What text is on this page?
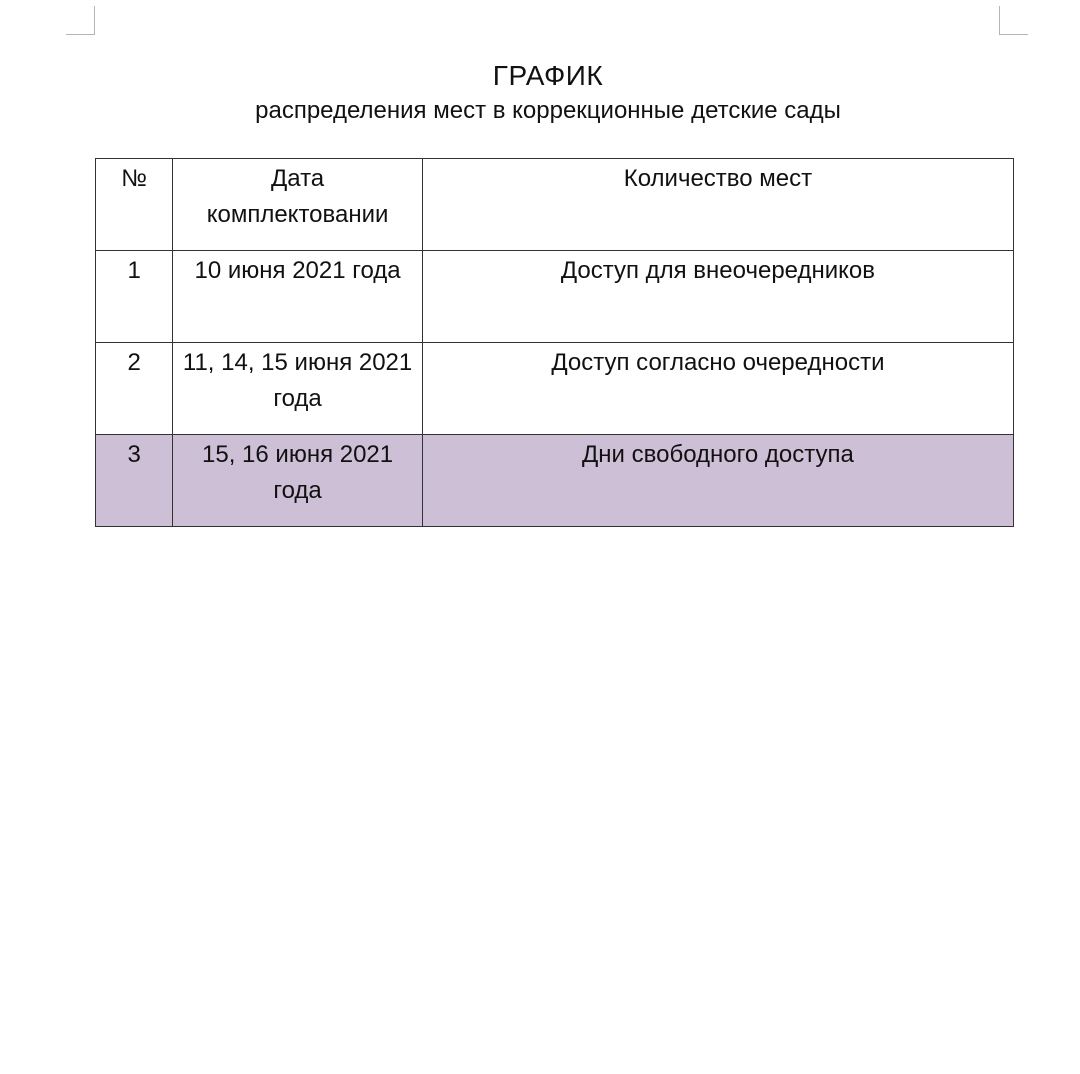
ГРАФИК
распределения мест в коррекционные детские сады
№	Дата комплектовании	Количество мест
1	10 июня 2021 года	Доступ для внеочередников
2	11, 14, 15 июня 2021 года	Доступ согласно очередности
3	15, 16 июня 2021 года	Дни свободного доступа
